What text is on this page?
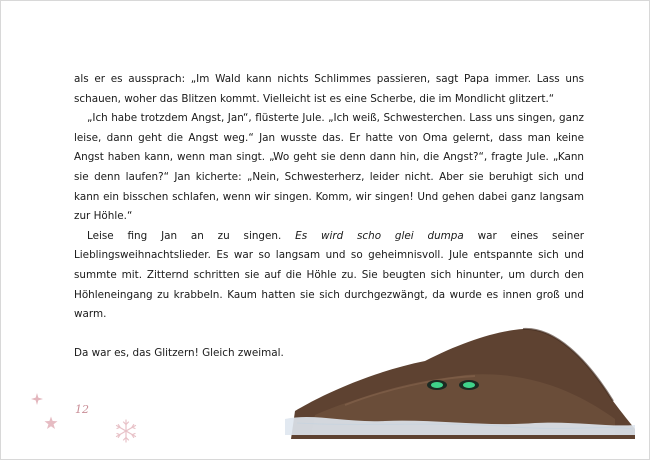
als er es aussprach: „Im Wald kann nichts Schlimmes passieren, sagt Papa immer. Lass uns

schauen, woher das Blitzen kommt. Vielleicht ist es eine Scherbe, die im Mondlicht glitzert.“

„Ich habe trotzdem Angst, Jan“, flüsterte Jule. „Ich weiß, Schwesterchen. Lass uns singen, ganz leise, dann geht die Angst weg.“ Jan wusste das. Er hatte von Oma gelernt, dass man keine Angst haben kann, wenn man singt. „Wo geht sie denn dann hin, die Angst?“, fragte Jule. „Kann sie denn laufen?“ Jan kicherte: „Nein, Schwesterherz, leider nicht. Aber sie beruhigt sich und kann ein bisschen schlafen, wenn wir singen. Komm, wir singen! Und gehen dabei ganz langsam zur Höhle.“

Leise fing Jan an zu singen. Es wird scho glei dumpa war eines seiner Lieblingsweihnachtslieder. Es war so langsam und so geheimnisvoll. Jule entspannte sich und summte mit. Zitternd schritten sie auf die Höhle zu. Sie beugten sich hinunter, um durch den Höhleneingang zu krabbeln. Kaum hatten sie sich durchgezwängt, da wurde es innen groß und warm.

Da war es, das Glitzern! Gleich zweimal.

12
